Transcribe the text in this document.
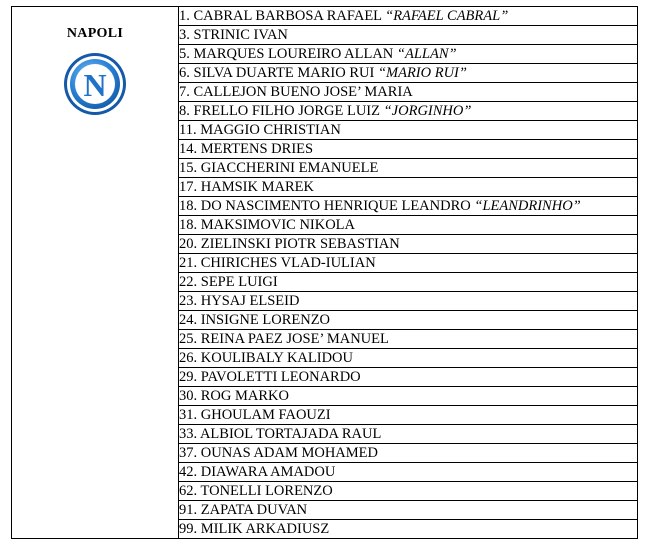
NAPOLI
N
	1. CABRAL BARBOSA RAFAEL “RAFAEL CABRAL”
3. STRINIC IVAN
5. MARQUES LOUREIRO ALLAN “ALLAN”
6. SILVA DUARTE MARIO RUI “MARIO RUI”
7. CALLEJON BUENO JOSE’ MARIA
8. FRELLO FILHO JORGE LUIZ “JORGINHO”
11. MAGGIO CHRISTIAN
14. MERTENS DRIES
15. GIACCHERINI EMANUELE
17. HAMSIK MAREK
18. DO NASCIMENTO HENRIQUE LEANDRO “LEANDRINHO”
18. MAKSIMOVIC NIKOLA
20. ZIELINSKI PIOTR SEBASTIAN
21. CHIRICHES VLAD-IULIAN
22. SEPE LUIGI
23. HYSAJ ELSEID
24. INSIGNE LORENZO
25. REINA PAEZ JOSE’ MANUEL
26. KOULIBALY KALIDOU
29. PAVOLETTI LEONARDO
30. ROG MARKO
31. GHOULAM FAOUZI
33. ALBIOL TORTAJADA RAUL
37. OUNAS ADAM MOHAMED
42. DIAWARA AMADOU
62. TONELLI LORENZO
91. ZAPATA DUVAN
99. MILIK ARKADIUSZ
